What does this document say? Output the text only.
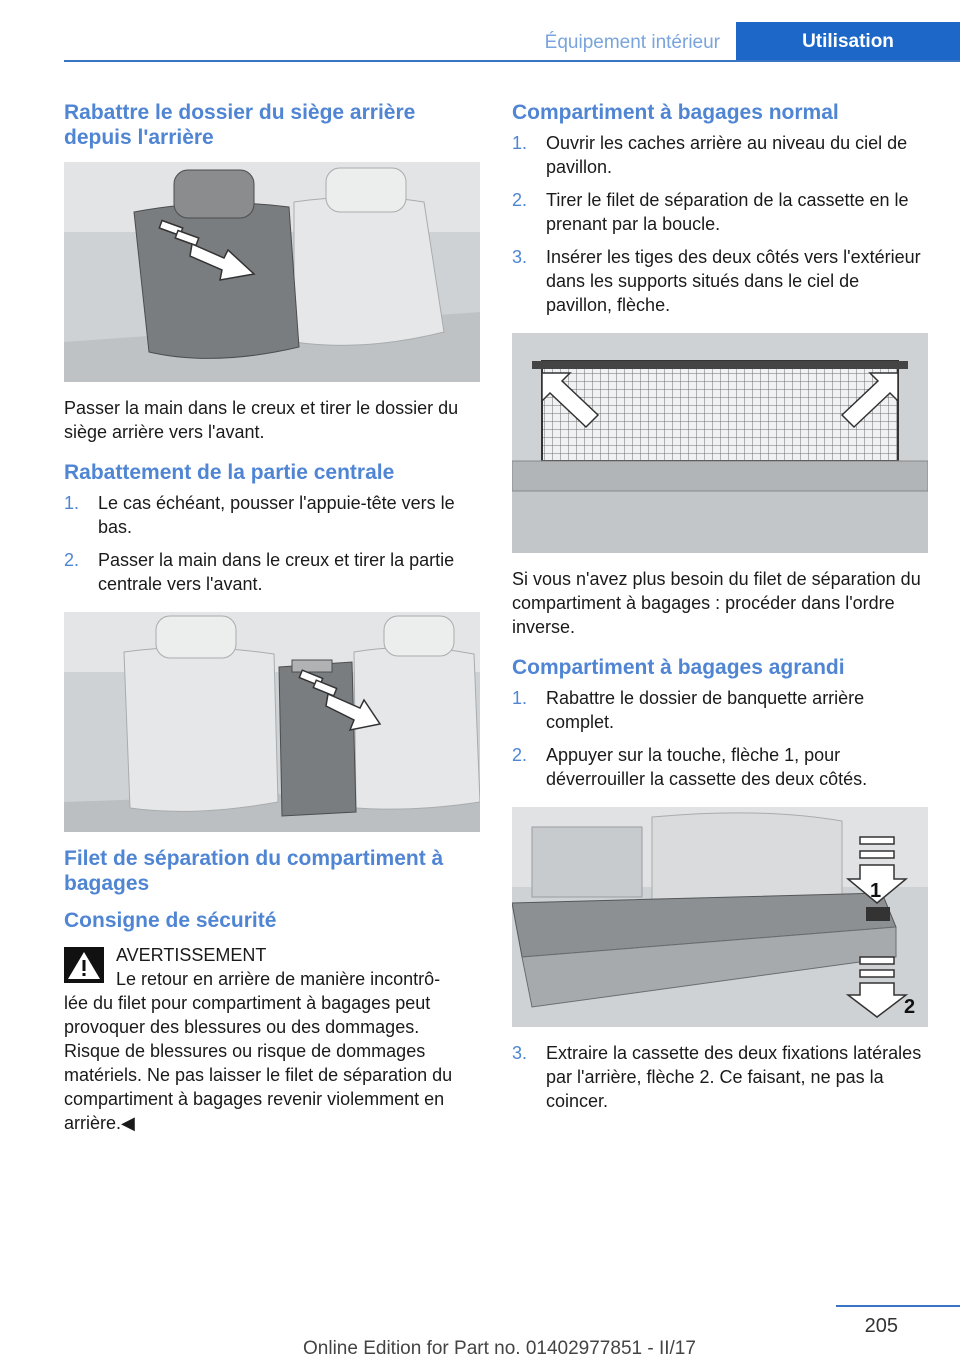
Équipement intérieur	Utilisation
Rabattre le dossier du siège arrière depuis l'arrière

Passer la main dans le creux et tirer le dossier du siège arrière vers l'avant.

Rabattement de la partie centrale
1.	Le cas échéant, pousser l'appuie-tête vers le bas.
2.	Passer la main dans le creux et tirer la partie centrale vers l'avant.
Filet de séparation du compartiment à bagages
Consigne de sécurité
AVERTISSEMENT
Le retour en arrière de manière incontrô-
lée du filet pour compartiment à bagages peut provoquer des blessures ou des dommages. Risque de blessures ou risque de dommages matériels. Ne pas laisser le filet de séparation du compartiment à bagages revenir violemment en arrière.◀
Compartiment à bagages normal
1.	Ouvrir les caches arrière au niveau du ciel de pavillon.
2.	Tirer le filet de séparation de la cassette en le prenant par la boucle.
3.	Insérer les tiges des deux côtés vers l'extérieur dans les supports situés dans le ciel de pavillon, flèche.

Si vous n'avez plus besoin du filet de séparation du compartiment à bagages : procéder dans l'ordre inverse.

Compartiment à bagages agrandi
1.	Rabattre le dossier de banquette arrière complet.
2.	Appuyer sur la touche, flèche 1, pour déverrouiller la cassette des deux côtés.
1
2
3.	Extraire la cassette des deux fixations latérales par l'arrière, flèche 2. Ce faisant, ne pas la coincer.
205
Online Edition for Part no. 01402977851 - II/17
